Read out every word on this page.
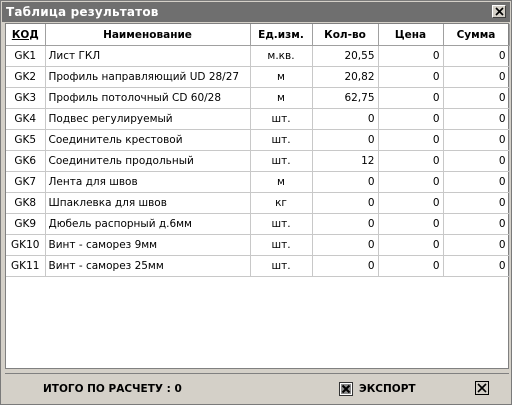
Таблица результатов
КОД	Наименование	Ед.изм.	Кол-во	Цена	Сумма
GK1	Лист ГКЛ	м.кв.	20,55	0	0
GK2	Профиль направляющий UD 28/27	м	20,82	0	0
GK3	Профиль потолочный CD 60/28	м	62,75	0	0
GK4	Подвес регулируемый	шт.	0	0	0
GK5	Соединитель крестовой	шт.	0	0	0
GK6	Соединитель продольный	шт.	12	0	0
GK7	Лента для швов	м	0	0	0
GK8	Шпаклевка для швов	кг	0	0	0
GK9	Дюбель распорный д.6мм	шт.	0	0	0
GK10	Винт - саморез 9мм	шт.	0	0	0
GK11	Винт - саморез 25мм	шт.	0	0	0
ИТОГО ПО РАСЧЕТУ : 0	ЭКСПОРТ
